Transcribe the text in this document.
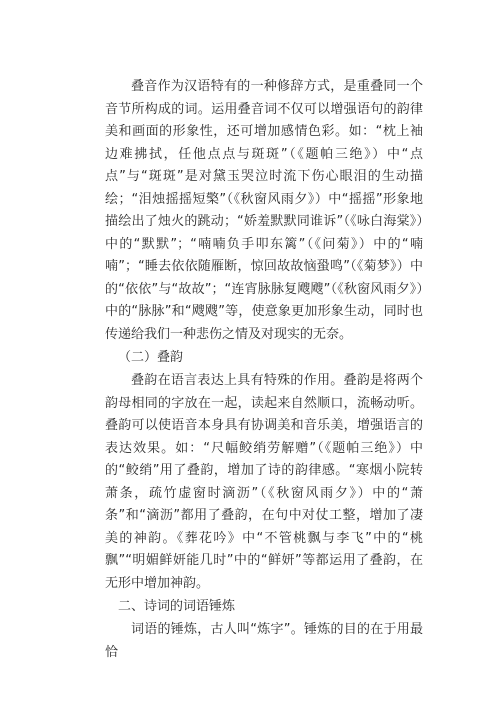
叠音作为汉语特有的一种修辞方式，是重叠同一个音节所构成的词。运用叠音词不仅可以增强语句的韵律美和画面的形象性，还可增加感情色彩。如：“枕上袖边难拂拭，任他点点与斑斑”（《题帕三绝》）中“点点”与“斑斑”是对黛玉哭泣时流下伤心眼泪的生动描绘；“泪烛摇摇短檠”（《秋窗风雨夕》）中“摇摇”形象地描绘出了烛火的跳动；“娇羞默默同谁诉”（《咏白海棠》）中的“默默”；“喃喃负手叩东篱”（《问菊》）中的“喃喃”；“睡去依依随雁断，惊回故故恼蛩鸣”（《菊梦》）中的“依依”与“故故”；“连宵脉脉复飕飕”（《秋窗风雨夕》）中的“脉脉”和“飕飕”等，使意象更加形象生动，同时也传递给我们一种悲伤之情及对现实的无奈。

（二）叠韵

叠韵在语言表达上具有特殊的作用。叠韵是将两个韵母相同的字放在一起，读起来自然顺口，流畅动听。叠韵可以使语音本身具有协调美和音乐美，增强语言的表达效果。如：“尺幅鲛绡劳解赠”（《题帕三绝》）中的“鲛绡”用了叠韵，增加了诗的韵律感。“寒烟小院转萧条，疏竹虚窗时滴沥”（《秋窗风雨夕》）中的“萧条”和“滴沥”都用了叠韵，在句中对仗工整，增加了凄美的神韵。《葬花吟》中“不管桃飘与李飞”中的“桃飘”“明媚鲜妍能几时”中的“鲜妍”等都运用了叠韵，在无形中增加神韵。

二、诗词的词语锤炼

词语的锤炼，古人叫“炼字”。锤炼的目的在于用最恰
